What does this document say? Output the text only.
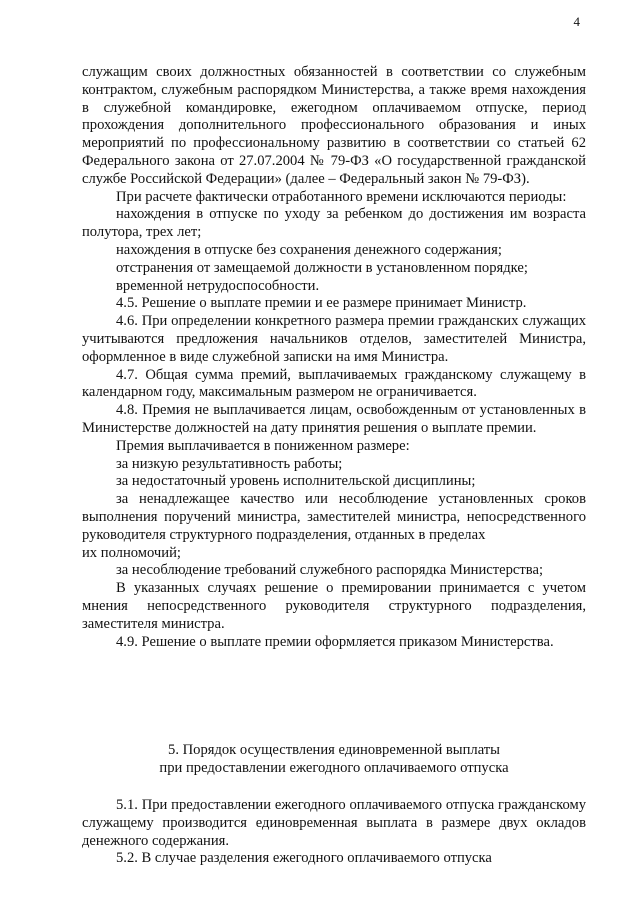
4

служащим своих должностных обязанностей в соответствии со служебным контрактом, служебным распорядком Министерства, а также время нахождения в служебной командировке, ежегодном оплачиваемом отпуске, период прохождения дополнительного профессионального образования и иных мероприятий по профессиональному развитию в соответствии со статьей 62 Федерального закона от 27.07.2004 № 79-ФЗ «О государственной гражданской службе Российской Федерации» (далее – Федеральный закон № 79-ФЗ).

При расчете фактически отработанного времени исключаются периоды:

нахождения в отпуске по уходу за ребенком до достижения им возраста полутора, трех лет;

нахождения в отпуске без сохранения денежного содержания;

отстранения от замещаемой должности в установленном порядке;

временной нетрудоспособности.

4.5. Решение о выплате премии и ее размере принимает Министр.

4.6. При определении конкретного размера премии гражданских служащих учитываются предложения начальников отделов, заместителей Министра, оформленное в виде служебной записки на имя Министра.

4.7. Общая сумма премий, выплачиваемых гражданскому служащему в календарном году, максимальным размером не ограничивается.

4.8. Премия не выплачивается лицам, освобожденным от установленных в Министерстве должностей на дату принятия решения о выплате премии.

Премия выплачивается в пониженном размере:

за низкую результативность работы;

за недостаточный уровень исполнительской дисциплины;

за ненадлежащее качество или несоблюдение установленных сроков выполнения поручений министра, заместителей министра, непосредственного руководителя структурного подразделения, отданных в пределах

их полномочий;

за несоблюдение требований служебного распорядка Министерства;

В указанных случаях решение о премировании принимается с учетом мнения непосредственного руководителя структурного подразделения, заместителя министра.

4.9. Решение о выплате премии оформляется приказом Министерства.

5. Порядок осуществления единовременной выплаты
при предоставлении ежегодного оплачиваемого отпуска

5.1. При предоставлении ежегодного оплачиваемого отпуска гражданскому служащему производится единовременная выплата в размере двух окладов денежного содержания.

5.2. В случае разделения ежегодного оплачиваемого отпуска
